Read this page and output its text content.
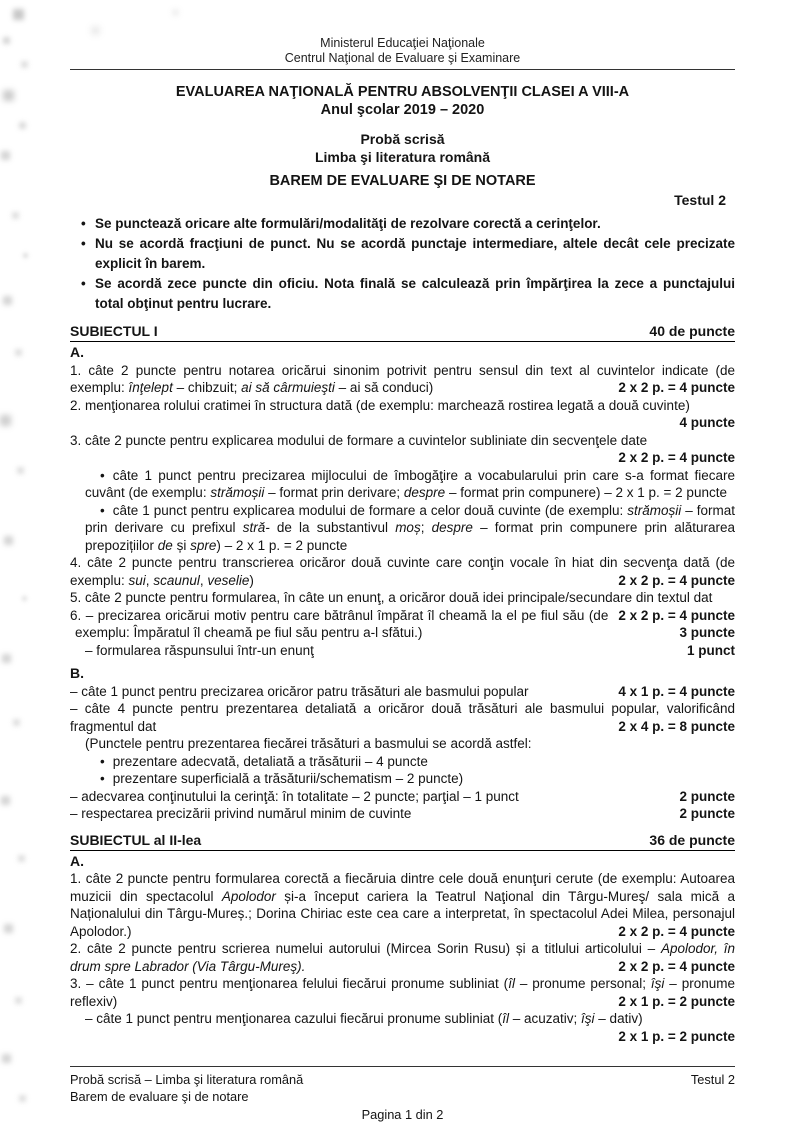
Ministerul Educaţiei Naţionale
Centrul Naţional de Evaluare şi Examinare
EVALUAREA NAŢIONALĂ PENTRU ABSOLVENŢII CLASEI A VIII-A
Anul şcolar 2019 – 2020
Probă scrisă
Limba şi literatura română
BAREM DE EVALUARE ŞI DE NOTARE
Testul 2
• Se punctează oricare alte formulări/modalităţi de rezolvare corectă a cerinţelor.
• Nu se acordă fracţiuni de punct. Nu se acordă punctaje intermediare, altele decât cele precizate explicit în barem.
• Se acordă zece puncte din oficiu. Nota finală se calculează prin împărţirea la zece a punctajului total obţinut pentru lucrare.
SUBIECTUL I	40 de puncte
A.
1. câte 2 puncte pentru notarea oricărui sinonim potrivit pentru sensul din text al cuvintelor indicate (de exemplu: înţelept – chibzuit; ai să cârmuieşti – ai să conduci)	2 x 2 p. = 4 puncte
2. menţionarea rolului cratimei în structura dată (de exemplu: marchează rostirea legată a două cuvinte)
4 puncte
3. câte 2 puncte pentru explicarea modului de formare a cuvintelor subliniate din secvenţele date
2 x 2 p. = 4 puncte
• câte 1 punct pentru precizarea mijlocului de îmbogăţire a vocabularului prin care s-a format fiecare cuvânt (de exemplu: strămoșii – format prin derivare; despre – format prin compunere) – 2 x 1 p. = 2 puncte
• câte 1 punct pentru explicarea modului de formare a celor două cuvinte (de exemplu: strămoșii – format prin derivare cu prefixul stră- de la substantivul moș; despre – format prin compunere prin alăturarea prepozițiilor de și spre) – 2 x 1 p. = 2 puncte
4. câte 2 puncte pentru transcrierea oricăror două cuvinte care conţin vocale în hiat din secvenţa dată (de exemplu: sui, scaunul, veselie)	2 x 2 p. = 4 puncte
5. câte 2 puncte pentru formularea, în câte un enunţ, a oricăror două idei principale/secundare din textul dat
2 x 2 p. = 4 puncte
6. – precizarea oricărui motiv pentru care bătrânul împărat îl cheamă la el pe fiul său (de exemplu: Împăratul îl cheamă pe fiul său pentru a-l sfătui.)	3 puncte
– formularea răspunsului într-un enunţ	1 punct
B.
– câte 1 punct pentru precizarea oricăror patru trăsături ale basmului popular	4 x 1 p. = 4 puncte
– câte 4 puncte pentru prezentarea detaliată a oricăror două trăsături ale basmului popular, valorificând fragmentul dat	2 x 4 p. = 8 puncte
(Punctele pentru prezentarea fiecărei trăsături a basmului se acordă astfel:
• prezentare adecvată, detaliată a trăsăturii – 4 puncte
• prezentare superficială a trăsăturii/schematism – 2 puncte)
– adecvarea conţinutului la cerinţă: în totalitate – 2 puncte; parţial – 1 punct	2 puncte
– respectarea precizării privind numărul minim de cuvinte	2 puncte
SUBIECTUL al II-lea	36 de puncte
A.
1. câte 2 puncte pentru formularea corectă a fiecăruia dintre cele două enunţuri cerute (de exemplu: Autoarea muzicii din spectacolul Apolodor și-a început cariera la Teatrul Naţional din Târgu-Mureş/ sala mică a Naționalului din Târgu-Mureș.; Dorina Chiriac este cea care a interpretat, în spectacolul Adei Milea, personajul Apolodor.)	2 x 2 p. = 4 puncte
2. câte 2 puncte pentru scrierea numelui autorului (Mircea Sorin Rusu) și a titlului articolului – Apolodor, în drum spre Labrador (Via Târgu-Mureş).	2 x 2 p. = 4 puncte
3. – câte 1 punct pentru menţionarea felului fiecărui pronume subliniat (îl – pronume personal; îşi – pronume reflexiv)	2 x 1 p. = 2 puncte
– câte 1 punct pentru menţionarea cazului fiecărui pronume subliniat (îl – acuzativ; îşi – dativ)
2 x 1 p. = 2 puncte
Probă scrisă – Limba şi literatura română	Testul 2
Barem de evaluare şi de notare
Pagina 1 din 2
